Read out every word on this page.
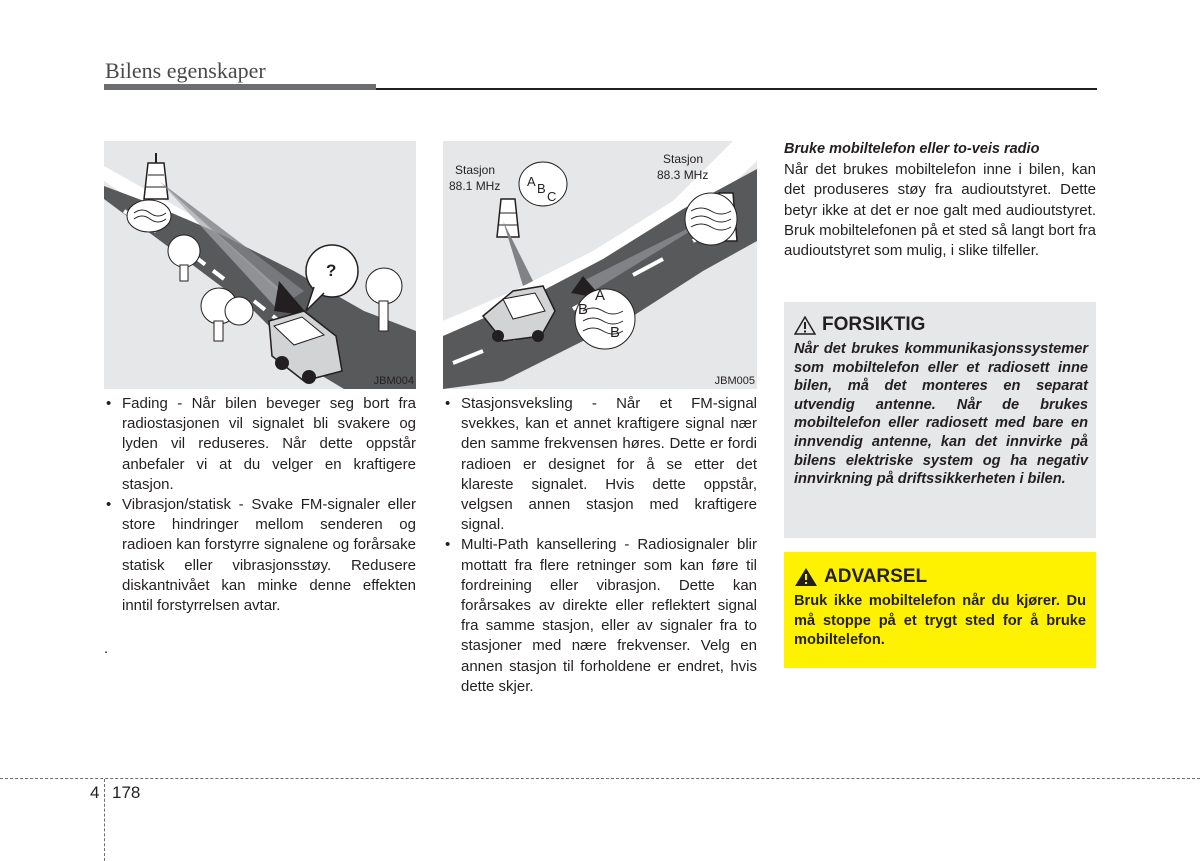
Bilens egenskaper
?
JBM004
Stasjon
88.1 MHz
Stasjon
88.3 MHz
A B
C
A
B
B
JBM005
• Fading - Når bilen beveger seg bort fra radiostasjonen vil signalet bli svakere og lyden vil reduseres. Når dette oppstår anbefaler vi at du velger en kraftigere stasjon.
• Vibrasjon/statisk - Svake FM-signaler eller store hindringer mellom senderen og radioen kan forstyrre signalene og forårsake statisk eller vibrasjonsstøy. Redusere diskantnivået kan minke denne effekten inntil forstyrrelsen avtar.
.
• Stasjonsveksling - Når et FM-signal svekkes, kan et annet kraftigere signal nær den samme frekvensen høres. Dette er fordi radioen er designet for å se etter det klareste signalet. Hvis dette oppstår, velgsen annen stasjon med kraftigere signal.
• Multi-Path kansellering - Radiosignaler blir mottatt fra flere retninger som kan føre til fordreining eller vibrasjon. Dette kan forårsakes av direkte eller reflektert signal fra samme stasjon, eller av signaler fra to stasjoner med nære frekvenser. Velg en annen stasjon til forholdene er endret, hvis dette skjer.

Bruke mobiltelefon eller to-veis radio

Når det brukes mobiltelefon inne i bilen, kan det produseres støy fra audioutstyret. Dette betyr ikke at det er noe galt med audioutstyret. Bruk mobiltelefonen på et sted så langt bort fra audioutstyret som mulig, i slike tilfeller.

FORSIKTIG

Når det brukes kommunikasjonssystemer som mobiltelefon eller et radiosett inne bilen, må det monteres en separat utvendig antenne. Når de brukes mobiltelefon eller radiosett med bare en innvendig antenne, kan det innvirke på bilens elektriske system og ha negativ innvirkning på driftssikkerheten i bilen.

ADVARSEL

Bruk ikke mobiltelefon når du kjører. Du må stoppe på et trygt sted for å bruke mobiltelefon.

4 178
